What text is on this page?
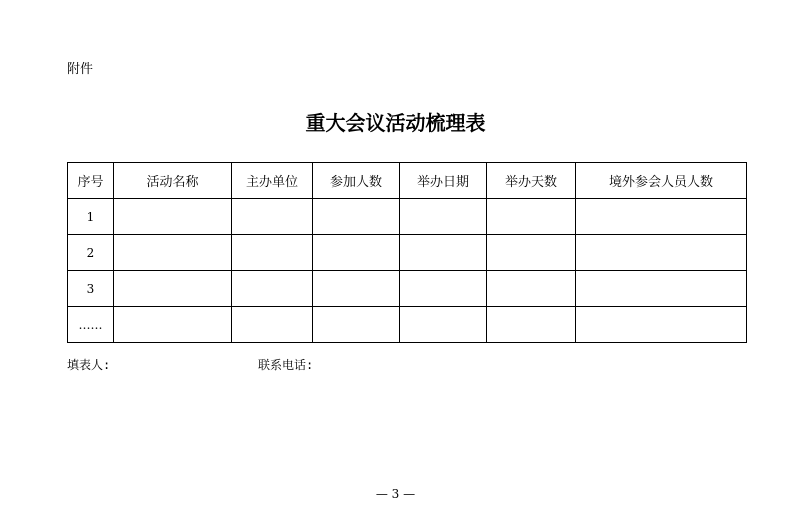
附件

重大会议活动梳理表
序号	活动名称	主办单位	参加人数	举办日期	举办天数	境外参会人员人数
1						
2						
3						
……						
填表人:	联系电话:
— 3 —
